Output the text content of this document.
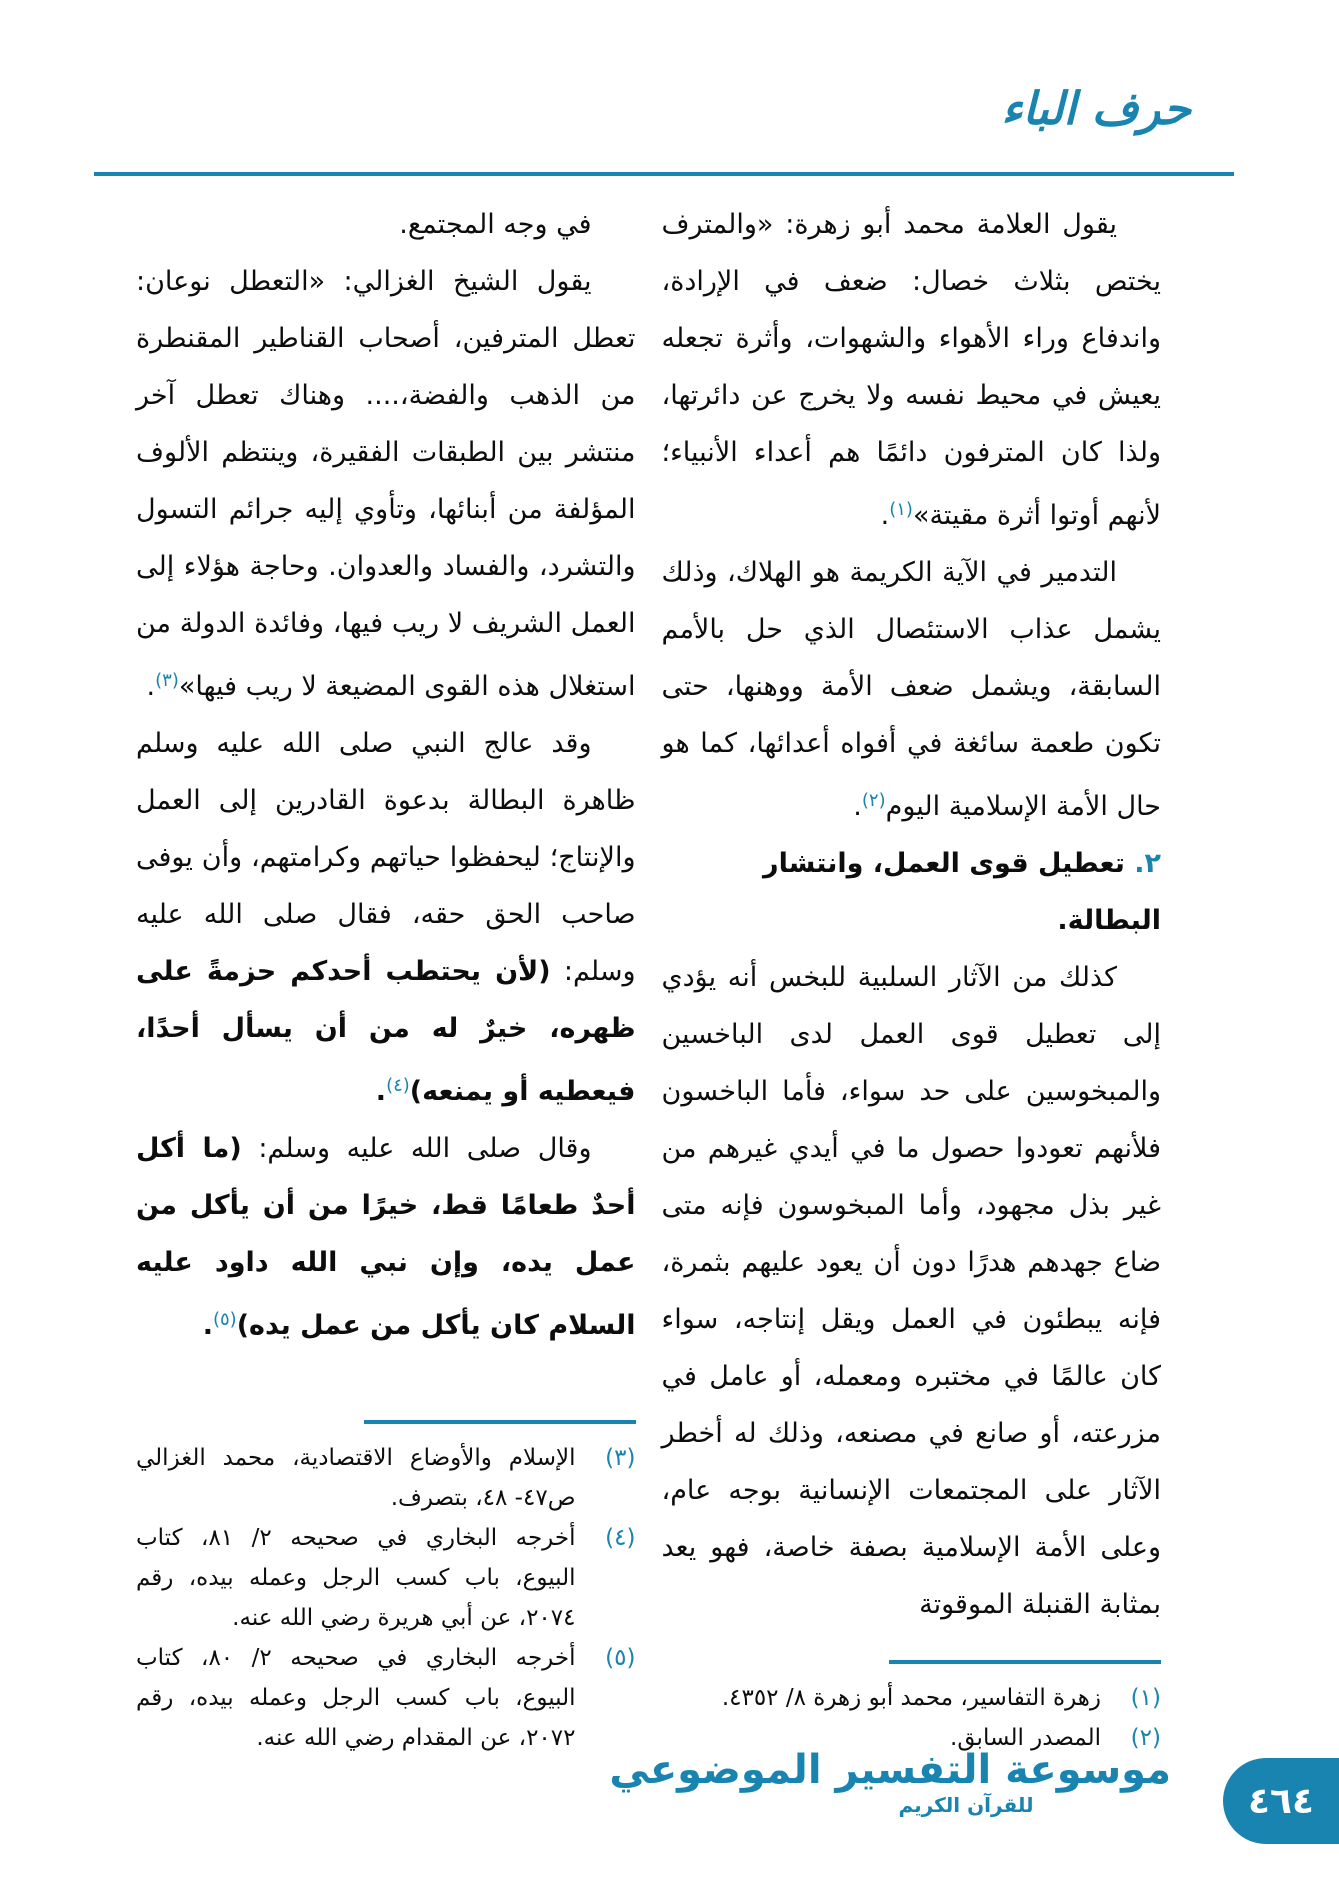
حرف الباء

يقول العلامة محمد أبو زهرة: «والمترف يختص بثلاث خصال: ضعف في الإرادة، واندفاع وراء الأهواء والشهوات، وأثرة تجعله يعيش في محيط نفسه ولا يخرج عن دائرتها، ولذا كان المترفون دائمًا هم أعداء الأنبياء؛ لأنهم أوتوا أثرة مقيتة»$^{(١)}$.

التدمير في الآية الكريمة هو الهلاك، وذلك يشمل عذاب الاستئصال الذي حل بالأمم السابقة، ويشمل ضعف الأمة ووهنها، حتى تكون طعمة سائغة في أفواه أعدائها، كما هو حال الأمة الإسلامية اليوم$^{(٢)}$.

٢. تعطيل قوى العمل، وانتشار البطالة.

كذلك من الآثار السلبية للبخس أنه يؤدي إلى تعطيل قوى العمل لدى الباخسين والمبخوسين على حد سواء، فأما الباخسون فلأنهم تعودوا حصول ما في أيدي غيرهم من غير بذل مجهود، وأما المبخوسون فإنه متى ضاع جهدهم هدرًا دون أن يعود عليهم بثمرة، فإنه يبطئون في العمل ويقل إنتاجه، سواء كان عالمًا في مختبره ومعمله، أو عامل في مزرعته، أو صانع في مصنعه، وذلك له أخطر الآثار على المجتمعات الإنسانية بوجه عام، وعلى الأمة الإسلامية بصفة خاصة، فهو يعد بمثابة القنبلة الموقوتة

(١)
زهرة التفاسير، محمد أبو زهرة ٨/ ٤٣٥٢.
(٢)
المصدر السابق.

في وجه المجتمع.

يقول الشيخ الغزالي: «التعطل نوعان: تعطل المترفين، أصحاب القناطير المقنطرة من الذهب والفضة،.... وهناك تعطل آخر منتشر بين الطبقات الفقيرة، وينتظم الألوف المؤلفة من أبنائها، وتأوي إليه جرائم التسول والتشرد، والفساد والعدوان. وحاجة هؤلاء إلى العمل الشريف لا ريب فيها، وفائدة الدولة من استغلال هذه القوى المضيعة لا ريب فيها»$^{(٣)}$.

وقد عالج النبي صلى الله عليه وسلم ظاهرة البطالة بدعوة القادرين إلى العمل والإنتاج؛ ليحفظوا حياتهم وكرامتهم، وأن يوفى صاحب الحق حقه، فقال صلى الله عليه وسلم: (لأن يحتطب أحدكم حزمةً على ظهره، خيرٌ له من أن يسأل أحدًا، فيعطيه أو يمنعه)$^{(٤)}$.

وقال صلى الله عليه وسلم: (ما أكل أحدٌ طعامًا قط، خيرًا من أن يأكل من عمل يده، وإن نبي الله داود عليه السلام كان يأكل من عمل يده)$^{(٥)}$.

(٣)
الإسلام والأوضاع الاقتصادية، محمد الغزالي ص٤٧- ٤٨، بتصرف.
(٤)
أخرجه البخاري في صحيحه ٢/ ٨١، كتاب البيوع، باب كسب الرجل وعمله بيده، رقم ٢٠٧٤، عن أبي هريرة رضي الله عنه.
(٥)
أخرجه البخاري في صحيحه ٢/ ٨٠، كتاب البيوع، باب كسب الرجل وعمله بيده، رقم ٢٠٧٢، عن المقدام رضي الله عنه.
موسوعة التفسير الموضوعي
للقرآن الكريم	٤٦٤
